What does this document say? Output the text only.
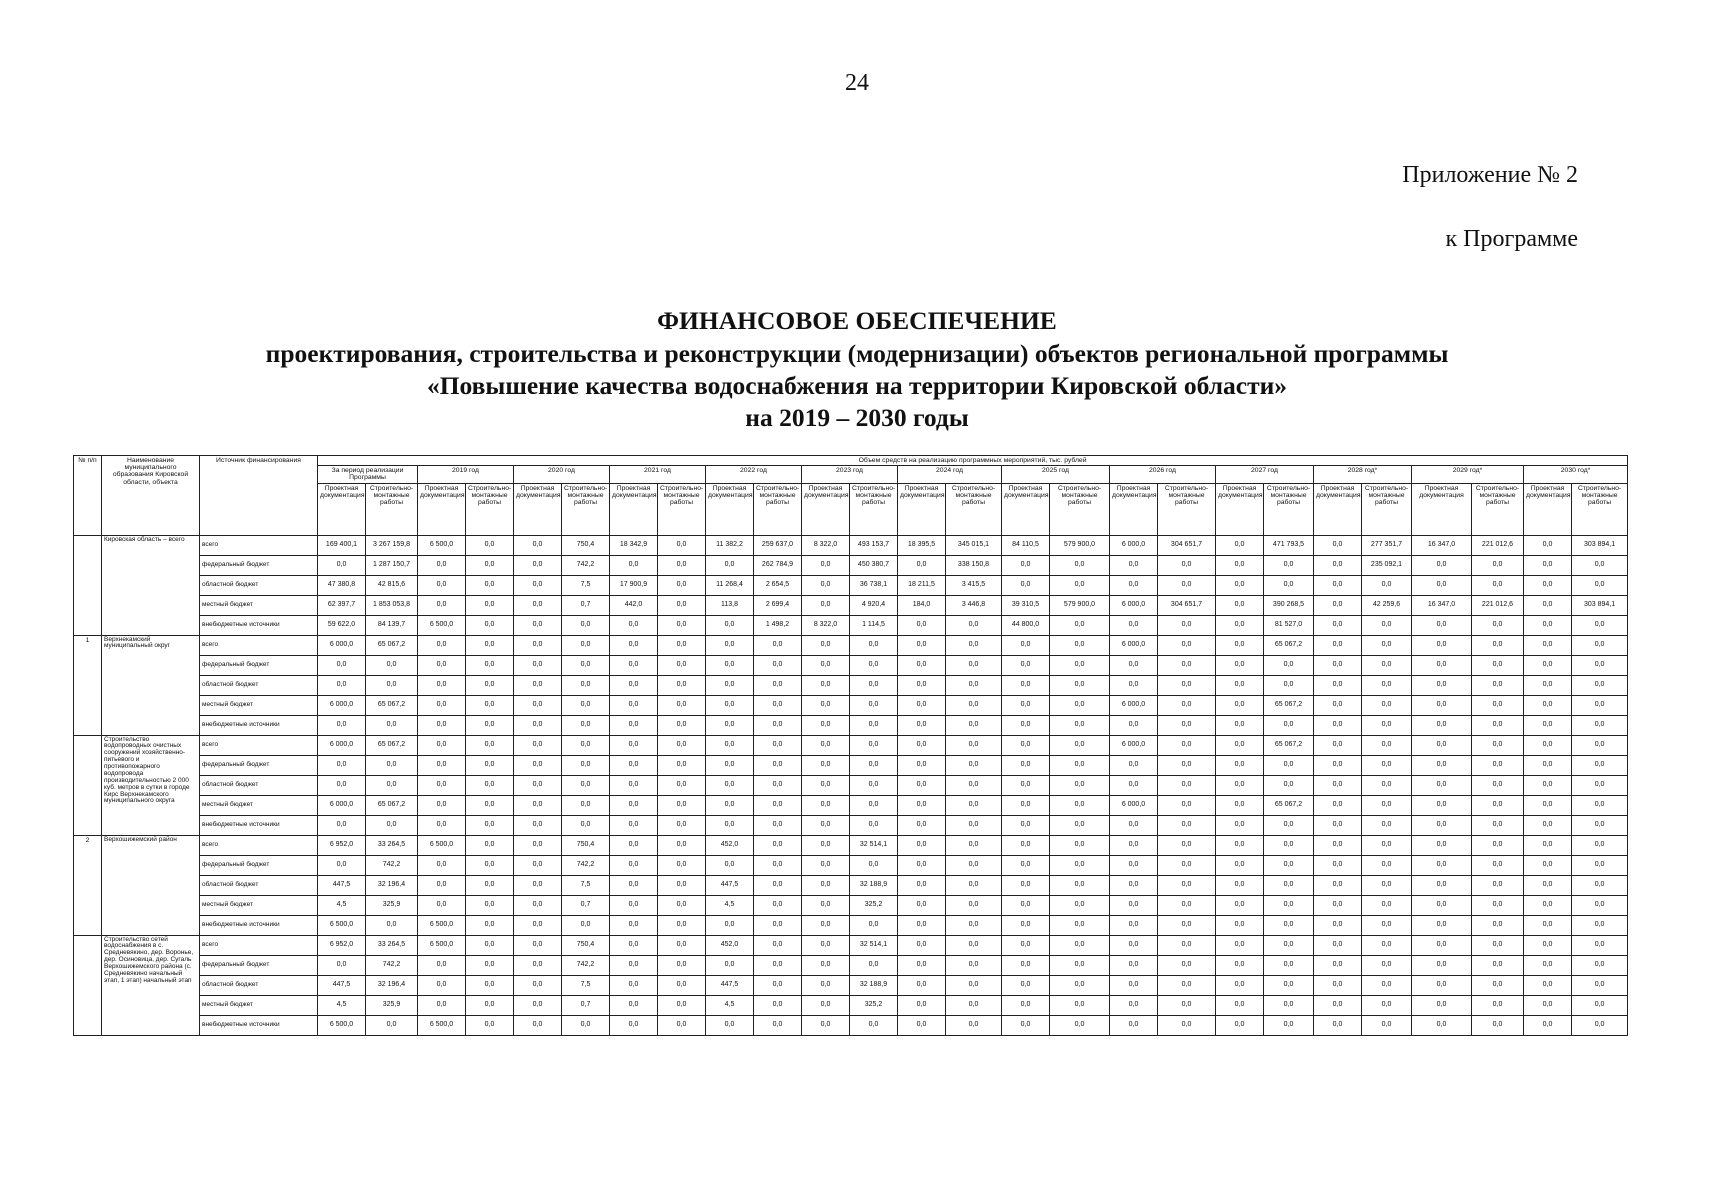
24
Приложение № 2
к Программе
ФИНАНСОВОЕ ОБЕСПЕЧЕНИЕ
проектирования, строительства и реконструкции (модернизации) объектов региональной программы
«Повышение качества водоснабжения на территории Кировской области»
на 2019 – 2030 годы
№ п/п	Наименование муниципального образования Кировской области, объекта	Источник финансирования	Объем средств на реализацию программных мероприятий, тыс. рублей																									
			За период реализации Программы		2019 год		2020 год		2021 год		2022 год		2023 год		2024 год		2025 год		2026 год		2027 год		2028 год*		2029 год*		2030 год*	
			Проектная документация	Строительно-монтажные работы	Проектная документация	Строительно-монтажные работы	Проектная документация	Строительно-монтажные работы	Проектная документация	Строительно-монтажные работы	Проектная документация	Строительно-монтажные работы	Проектная документация	Строительно-монтажные работы	Проектная документация	Строительно-монтажные работы	Проектная документация	Строительно-монтажные работы	Проектная документация	Строительно-монтажные работы	Проектная документация	Строительно-монтажные работы	Проектная документация	Строительно-монтажные работы	Проектная документация	Строительно-монтажные работы	Проектная документация	Строительно-монтажные работы
	Кировская область – всего	всего	169 400,1	3 267 159,8	6 500,0	0,0	0,0	750,4	18 342,9	0,0	11 382,2	259 637,0	8 322,0	493 153,7	18 395,5	345 015,1	84 110,5	579 900,0	6 000,0	304 651,7	0,0	471 793,5	0,0	277 351,7	16 347,0	221 012,6	0,0	303 894,1
		федеральный бюджет	0,0	1 287 150,7	0,0	0,0	0,0	742,2	0,0	0,0	0,0	262 784,9	0,0	450 380,7	0,0	338 150,8	0,0	0,0	0,0	0,0	0,0	0,0	0,0	235 092,1	0,0	0,0	0,0	0,0
		областной бюджет	47 380,8	42 815,6	0,0	0,0	0,0	7,5	17 900,9	0,0	11 268,4	2 654,5	0,0	36 738,1	18 211,5	3 415,5	0,0	0,0	0,0	0,0	0,0	0,0	0,0	0,0	0,0	0,0	0,0	0,0
		местный бюджет	62 397,7	1 853 053,8	0,0	0,0	0,0	0,7	442,0	0,0	113,8	2 699,4	0,0	4 920,4	184,0	3 446,8	39 310,5	579 900,0	6 000,0	304 651,7	0,0	390 268,5	0,0	42 259,6	16 347,0	221 012,6	0,0	303 894,1
		внебюджетные источники	59 622,0	84 139,7	6 500,0	0,0	0,0	0,0	0,0	0,0	0,0	1 498,2	8 322,0	1 114,5	0,0	0,0	44 800,0	0,0	0,0	0,0	0,0	81 527,0	0,0	0,0	0,0	0,0	0,0	0,0
1	Верхнекамский муниципальный округ	всего	6 000,0	65 067,2	0,0	0,0	0,0	0,0	0,0	0,0	0,0	0,0	0,0	0,0	0,0	0,0	0,0	0,0	6 000,0	0,0	0,0	65 067,2	0,0	0,0	0,0	0,0	0,0	0,0
		федеральный бюджет	0,0	0,0	0,0	0,0	0,0	0,0	0,0	0,0	0,0	0,0	0,0	0,0	0,0	0,0	0,0	0,0	0,0	0,0	0,0	0,0	0,0	0,0	0,0	0,0	0,0	0,0
		областной бюджет	0,0	0,0	0,0	0,0	0,0	0,0	0,0	0,0	0,0	0,0	0,0	0,0	0,0	0,0	0,0	0,0	0,0	0,0	0,0	0,0	0,0	0,0	0,0	0,0	0,0	0,0
		местный бюджет	6 000,0	65 067,2	0,0	0,0	0,0	0,0	0,0	0,0	0,0	0,0	0,0	0,0	0,0	0,0	0,0	0,0	6 000,0	0,0	0,0	65 067,2	0,0	0,0	0,0	0,0	0,0	0,0
		внебюджетные источники	0,0	0,0	0,0	0,0	0,0	0,0	0,0	0,0	0,0	0,0	0,0	0,0	0,0	0,0	0,0	0,0	0,0	0,0	0,0	0,0	0,0	0,0	0,0	0,0	0,0	0,0
	Строительство водопроводных очистных сооружений хозяйственно-питьевого и противопожарного водопровода производительностью 2 000 куб. метров в сутки в городе Кирс Верхнекамского муниципального округа	всего	6 000,0	65 067,2	0,0	0,0	0,0	0,0	0,0	0,0	0,0	0,0	0,0	0,0	0,0	0,0	0,0	0,0	6 000,0	0,0	0,0	65 067,2	0,0	0,0	0,0	0,0	0,0	0,0
		федеральный бюджет	0,0	0,0	0,0	0,0	0,0	0,0	0,0	0,0	0,0	0,0	0,0	0,0	0,0	0,0	0,0	0,0	0,0	0,0	0,0	0,0	0,0	0,0	0,0	0,0	0,0	0,0
		областной бюджет	0,0	0,0	0,0	0,0	0,0	0,0	0,0	0,0	0,0	0,0	0,0	0,0	0,0	0,0	0,0	0,0	0,0	0,0	0,0	0,0	0,0	0,0	0,0	0,0	0,0	0,0
		местный бюджет	6 000,0	65 067,2	0,0	0,0	0,0	0,0	0,0	0,0	0,0	0,0	0,0	0,0	0,0	0,0	0,0	0,0	6 000,0	0,0	0,0	65 067,2	0,0	0,0	0,0	0,0	0,0	0,0
		внебюджетные источники	0,0	0,0	0,0	0,0	0,0	0,0	0,0	0,0	0,0	0,0	0,0	0,0	0,0	0,0	0,0	0,0	0,0	0,0	0,0	0,0	0,0	0,0	0,0	0,0	0,0	0,0
2	Верхошижемский район	всего	6 952,0	33 264,5	6 500,0	0,0	0,0	750,4	0,0	0,0	452,0	0,0	0,0	32 514,1	0,0	0,0	0,0	0,0	0,0	0,0	0,0	0,0	0,0	0,0	0,0	0,0	0,0	0,0
		федеральный бюджет	0,0	742,2	0,0	0,0	0,0	742,2	0,0	0,0	0,0	0,0	0,0	0,0	0,0	0,0	0,0	0,0	0,0	0,0	0,0	0,0	0,0	0,0	0,0	0,0	0,0	0,0
		областной бюджет	447,5	32 196,4	0,0	0,0	0,0	7,5	0,0	0,0	447,5	0,0	0,0	32 188,9	0,0	0,0	0,0	0,0	0,0	0,0	0,0	0,0	0,0	0,0	0,0	0,0	0,0	0,0
		местный бюджет	4,5	325,9	0,0	0,0	0,0	0,7	0,0	0,0	4,5	0,0	0,0	325,2	0,0	0,0	0,0	0,0	0,0	0,0	0,0	0,0	0,0	0,0	0,0	0,0	0,0	0,0
		внебюджетные источники	6 500,0	0,0	6 500,0	0,0	0,0	0,0	0,0	0,0	0,0	0,0	0,0	0,0	0,0	0,0	0,0	0,0	0,0	0,0	0,0	0,0	0,0	0,0	0,0	0,0	0,0	0,0
	Строительство сетей водоснабжения в с. Средневякино, дер. Воронье, дер. Осиновица, дер. Сугаль Верхошижемского района (с. Средневякино начальный этап, 1 этап) начальный этап	всего	6 952,0	33 264,5	6 500,0	0,0	0,0	750,4	0,0	0,0	452,0	0,0	0,0	32 514,1	0,0	0,0	0,0	0,0	0,0	0,0	0,0	0,0	0,0	0,0	0,0	0,0	0,0	0,0
		федеральный бюджет	0,0	742,2	0,0	0,0	0,0	742,2	0,0	0,0	0,0	0,0	0,0	0,0	0,0	0,0	0,0	0,0	0,0	0,0	0,0	0,0	0,0	0,0	0,0	0,0	0,0	0,0
		областной бюджет	447,5	32 196,4	0,0	0,0	0,0	7,5	0,0	0,0	447,5	0,0	0,0	32 188,9	0,0	0,0	0,0	0,0	0,0	0,0	0,0	0,0	0,0	0,0	0,0	0,0	0,0	0,0
		местный бюджет	4,5	325,9	0,0	0,0	0,0	0,7	0,0	0,0	4,5	0,0	0,0	325,2	0,0	0,0	0,0	0,0	0,0	0,0	0,0	0,0	0,0	0,0	0,0	0,0	0,0	0,0
		внебюджетные источники	6 500,0	0,0	6 500,0	0,0	0,0	0,0	0,0	0,0	0,0	0,0	0,0	0,0	0,0	0,0	0,0	0,0	0,0	0,0	0,0	0,0	0,0	0,0	0,0	0,0	0,0	0,0
